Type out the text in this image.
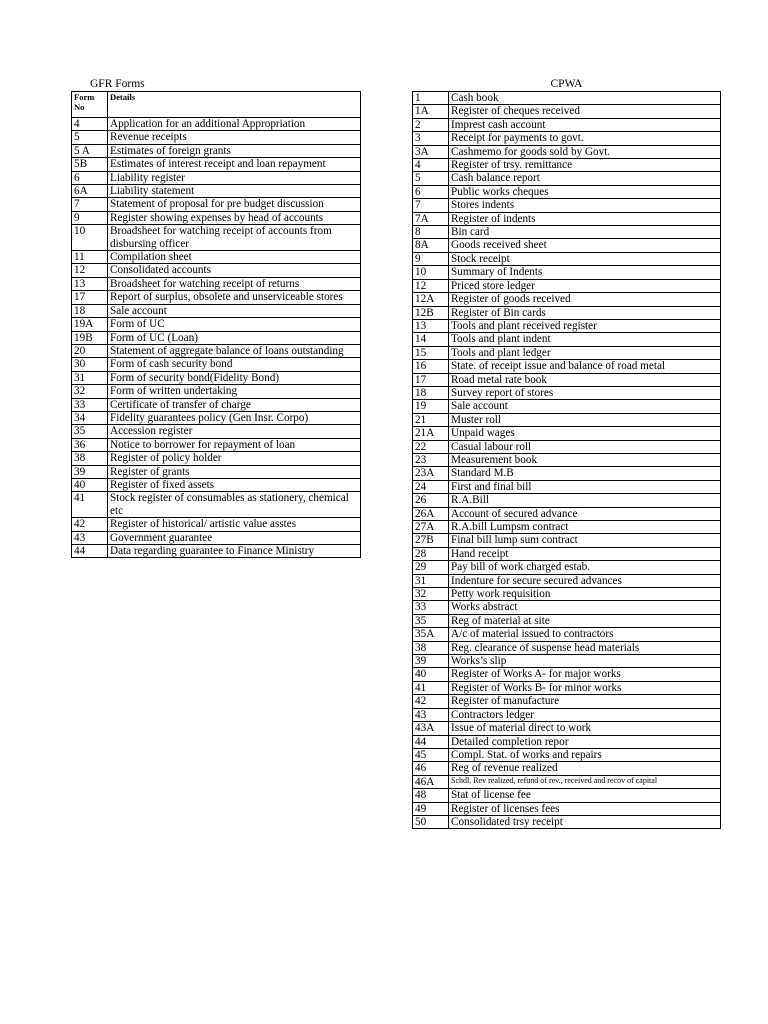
GFR Forms
Form No	Details
4	Application for an additional Appropriation
5	Revenue receipts
5 A	Estimates of foreign grants
5B	Estimates of interest receipt and loan repayment
6	Liability register
6A	Liability statement
7	Statement of proposal for pre budget discussion
9	Register showing expenses by head of accounts
10	Broadsheet for watching receipt of accounts from disbursing officer
11	Compilation sheet
12	Consolidated accounts
13	Broadsheet for watching receipt of returns
17	Report of surplus, obsolete and unserviceable stores
18	Sale account
19A	Form of UC
19B	Form of UC (Loan)
20	Statement of aggregate balance of loans outstanding
30	Form of cash security bond
31	Form of security bond(Fidelity Bond)
32	Form of written undertaking
33	Certificate of transfer of charge
34	Fidelity guarantees policy (Gen Insr. Corpo)
35	Accession register
36	Notice to borrower for repayment of loan
38	Register of policy holder
39	Register of grants
40	Register of fixed assets
41	Stock register of consumables as stationery, chemical etc
42	Register of historical/ artistic value asstes
43	Government guarantee
44	Data regarding guarantee to Finance Ministry
CPWA
1	Cash book
1A	Register of cheques received
2	Imprest cash account
3	Receipt for payments to govt.
3A	Cashmemo for goods sold by Govt.
4	Register of trsy. remittance
5	Cash balance report
6	Public works cheques
7	Stores indents
7A	Register of indents
8	Bin card
8A	Goods received sheet
9	Stock receipt
10	Summary of Indents
12	Priced store ledger
12A	Register of goods received
12B	Register of Bin cards
13	Tools and plant received register
14	Tools and plant indent
15	Tools and plant ledger
16	State. of receipt issue and balance of road metal
17	Road metal rate book
18	Survey report of stores
19	Sale account
21	Muster roll
21A	Unpaid wages
22	Casual labour roll
23	Measurement book
23A	Standard M.B
24	First and final bill
26	R.A.Bill
26A	Account of secured advance
27A	R.A.bill Lumpsm contract
27B	Final bill lump sum contract
28	Hand receipt
29	Pay bill of work charged estab.
31	Indenture for secure secured advances
32	Petty work requisition
33	Works abstract
35	Reg of material at site
35A	A/c of material issued to contractors
38	Reg. clearance of suspense head materials
39	Works’s slip
40	Register of Works A- for major works
41	Register of Works B- for minor works
42	Register of manufacture
43	Contractors ledger
43A	Issue of material direct to work
44	Detailed completion repor
45	Compl. Stat. of works and repairs
46	Reg of revenue realized
46A	Schdl. Rev realized, refund of rev., received and recov of capital
48	Stat of license fee
49	Register of licenses fees
50	Consolidated trsy receipt
